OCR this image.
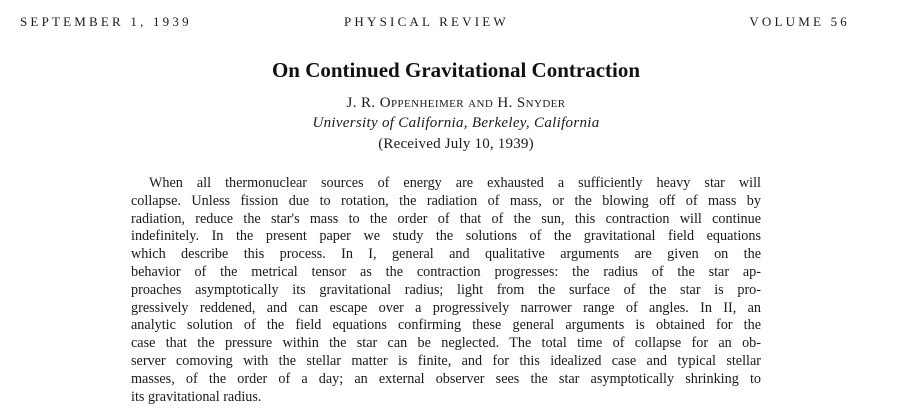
SEPTEMBER 1, 1939	PHYSICAL REVIEW	VOLUME 56
On Continued Gravitational Contraction
J. R. Oppenheimer and H. Snyder
University of California, Berkeley, California
(Received July 10, 1939)
When all thermonuclear sources of energy are exhausted a sufficiently heavy star will
collapse. Unless fission due to rotation, the radiation of mass, or the blowing off of mass by
radiation, reduce the star's mass to the order of that of the sun, this contraction will continue
indefinitely. In the present paper we study the solutions of the gravitational field equations
which describe this process. In I, general and qualitative arguments are given on the
behavior of the metrical tensor as the contraction progresses: the radius of the star ap-
proaches asymptotically its gravitational radius; light from the surface of the star is pro-
gressively reddened, and can escape over a progressively narrower range of angles. In II, an
analytic solution of the field equations confirming these general arguments is obtained for the
case that the pressure within the star can be neglected. The total time of collapse for an ob-
server comoving with the stellar matter is finite, and for this idealized case and typical stellar
masses, of the order of a day; an external observer sees the star asymptotically shrinking to
its gravitational radius.
